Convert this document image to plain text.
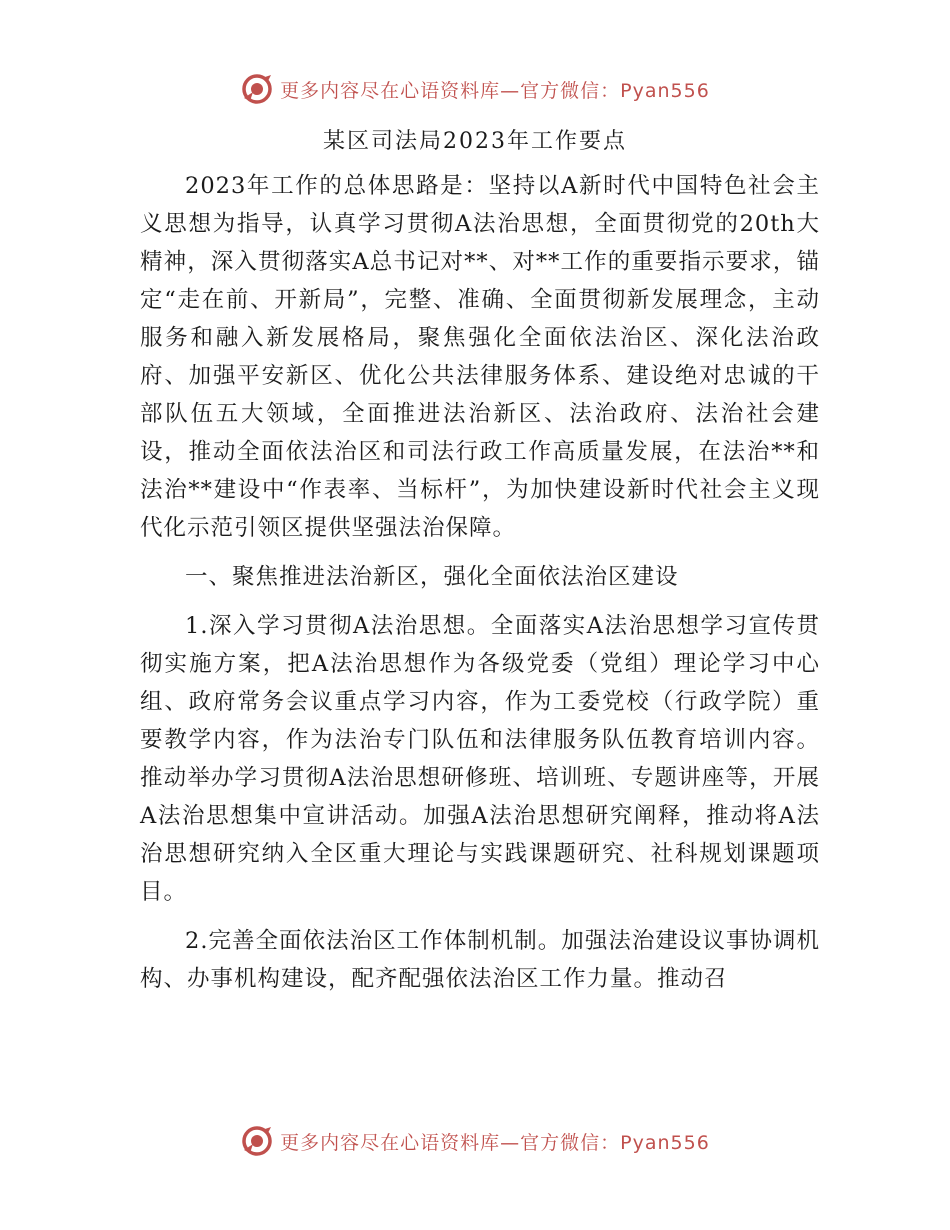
更多内容尽在心语资料库—官方微信：Pyan556
某区司法局2023年工作要点

2023年工作的总体思路是：坚持以A新时代中国特色社会主义思想为指导，认真学习贯彻A法治思想，全面贯彻党的20th大精神，深入贯彻落实A总书记对**、对**工作的重要指示要求，锚定“走在前、开新局”，完整、准确、全面贯彻新发展理念，主动服务和融入新发展格局，聚焦强化全面依法治区、深化法治政府、加强平安新区、优化公共法律服务体系、建设绝对忠诚的干部队伍五大领域，全面推进法治新区、法治政府、法治社会建设，推动全面依法治区和司法行政工作高质量发展，在法治**和法治**建设中“作表率、当标杆”，为加快建设新时代社会主义现代化示范引领区提供坚强法治保障。

一、聚焦推进法治新区，强化全面依法治区建设

1.深入学习贯彻A法治思想。全面落实A法治思想学习宣传贯彻实施方案，把A法治思想作为各级党委（党组）理论学习中心组、政府常务会议重点学习内容，作为工委党校（行政学院）重要教学内容，作为法治专门队伍和法律服务队伍教育培训内容。推动举办学习贯彻A法治思想研修班、培训班、专题讲座等，开展A法治思想集中宣讲活动。加强A法治思想研究阐释，推动将A法治思想研究纳入全区重大理论与实践课题研究、社科规划课题项目。

2.完善全面依法治区工作体制机制。加强法治建设议事协调机构、办事机构建设，配齐配强依法治区工作力量。推动召

更多内容尽在心语资料库—官方微信：Pyan556
